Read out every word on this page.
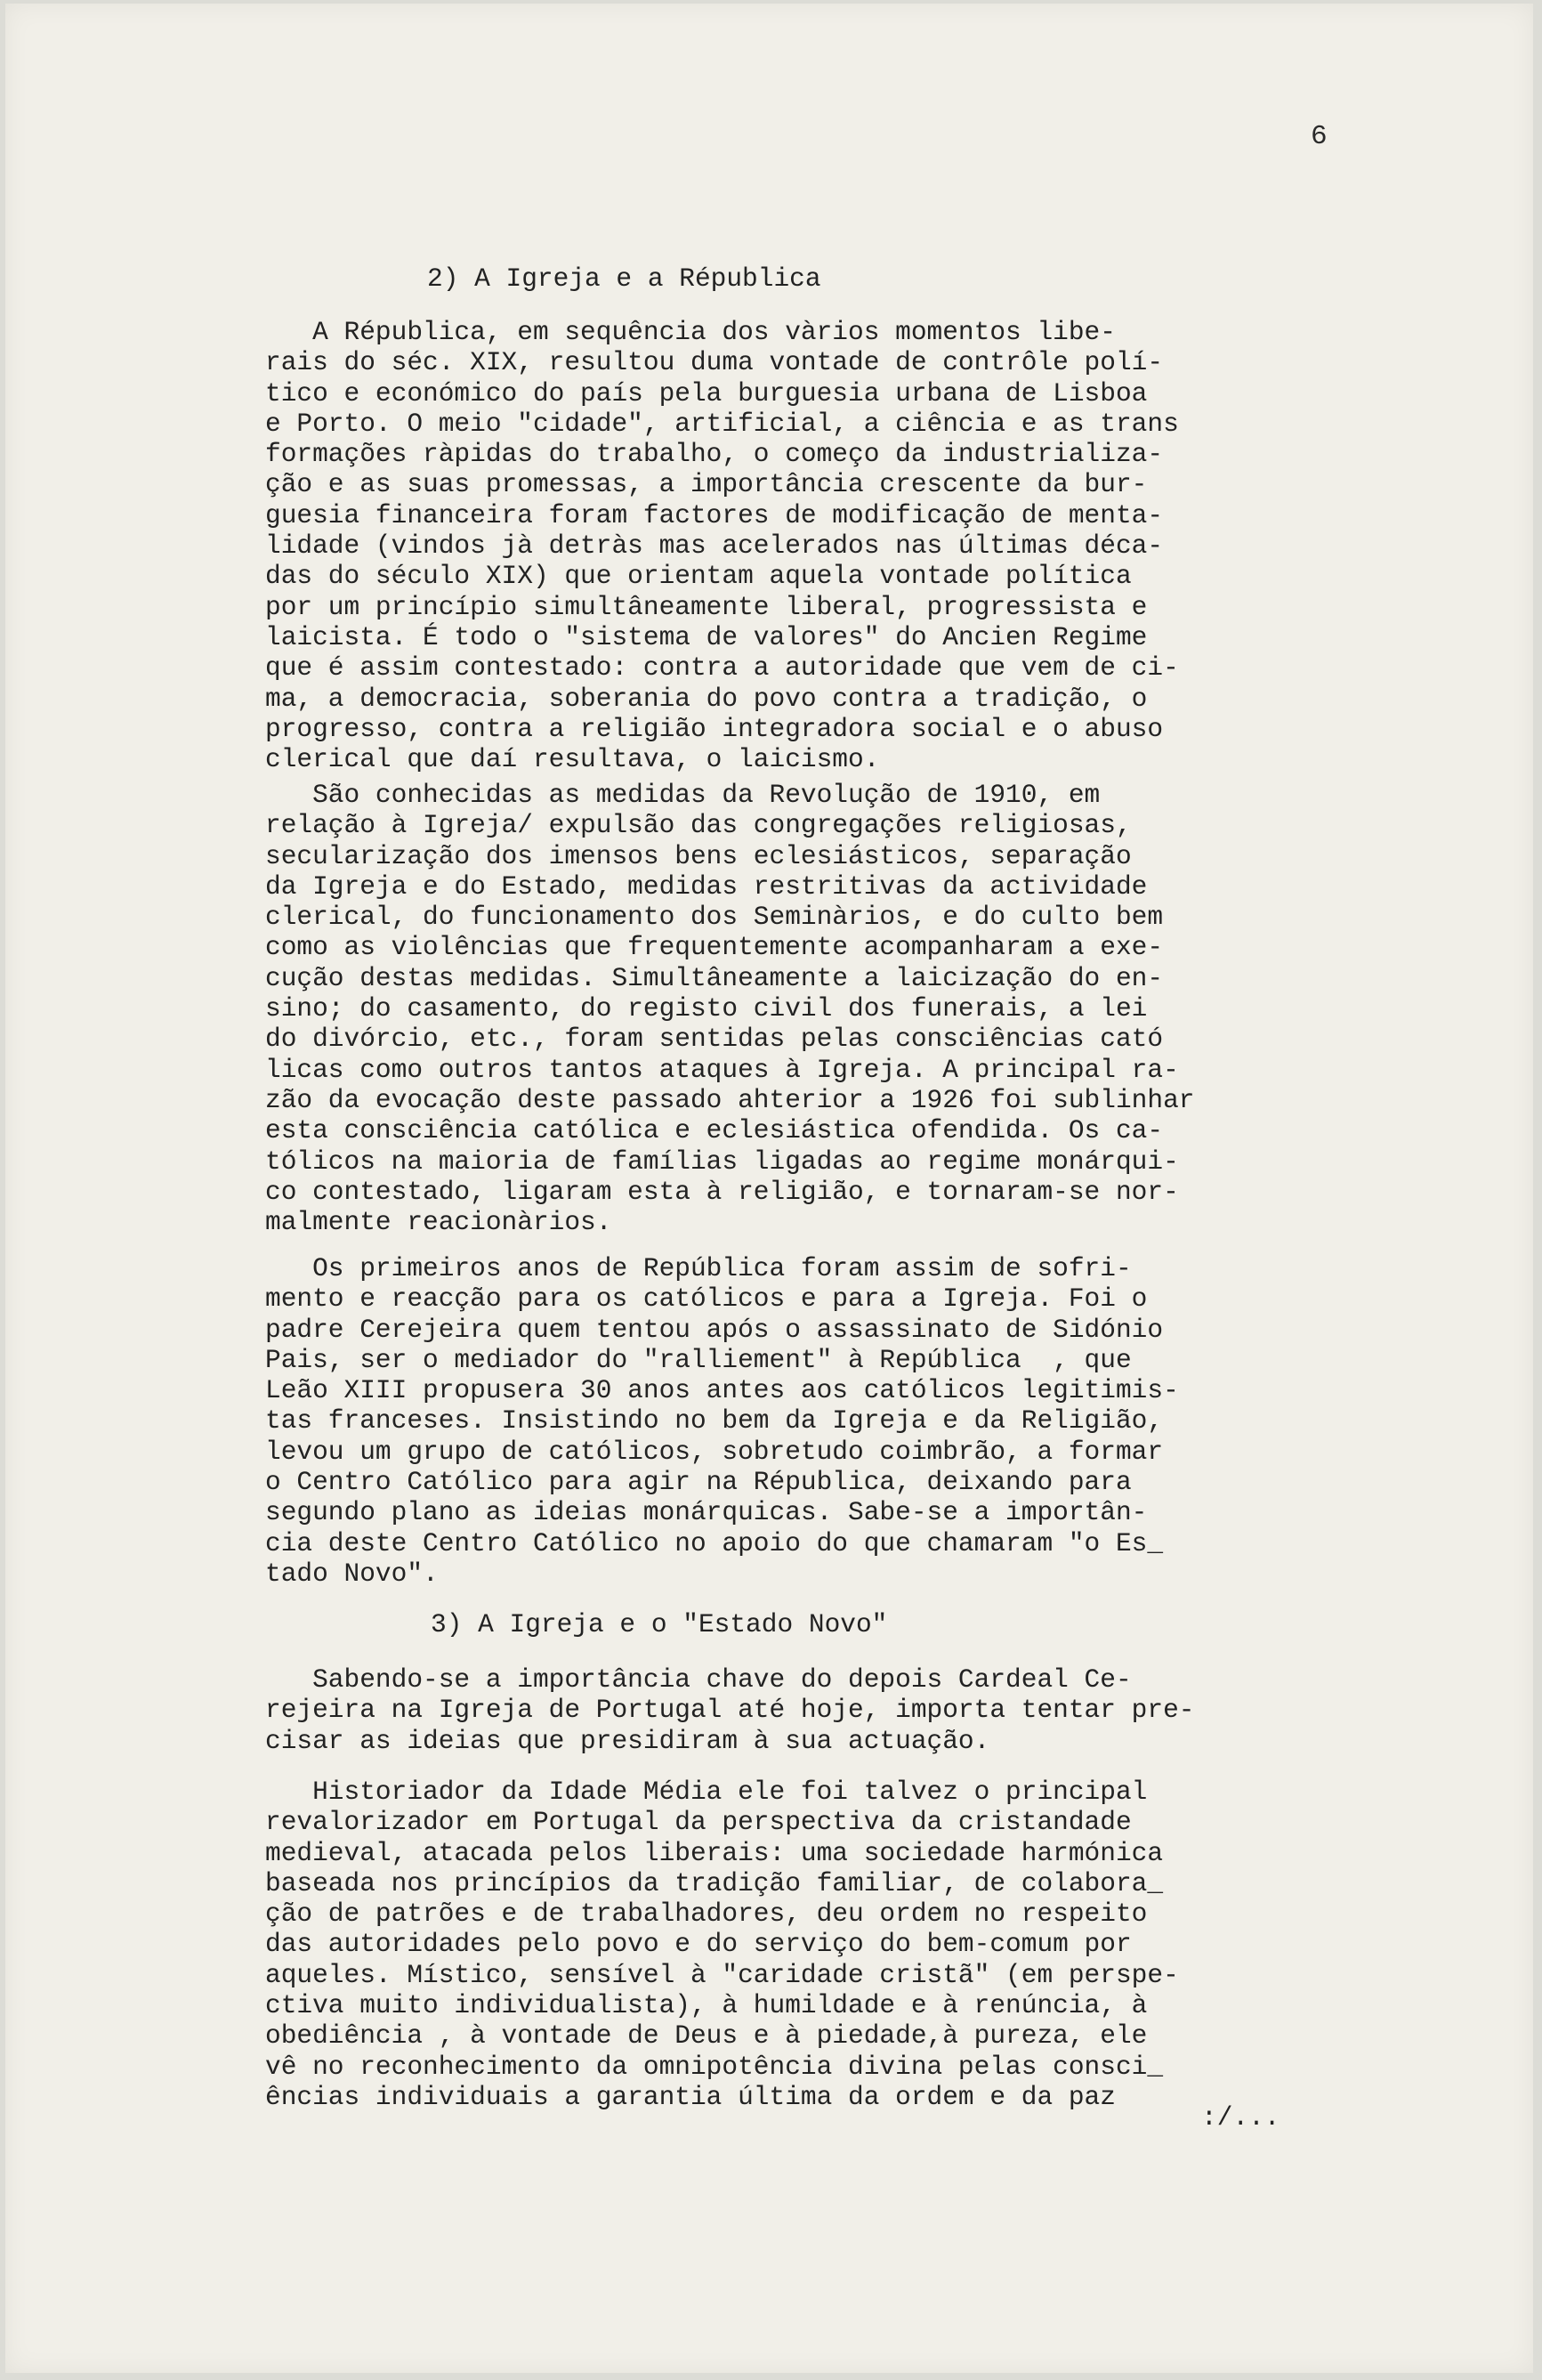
6
2) A Igreja e a Républica
A Républica, em sequência dos vàrios momentos libe-
rais do séc. XIX, resultou duma vontade de contrôle polí-
tico e económico do país pela burguesia urbana de Lisboa
e Porto. O meio "cidade", artificial, a ciência e as trans
formações ràpidas do trabalho, o começo da industrializa-
ção e as suas promessas, a importância crescente da bur-
guesia financeira foram factores de modificação de menta-
lidade (vindos jà detràs mas acelerados nas últimas déca-
das do século XIX) que orientam aquela vontade política
por um princípio simultâneamente liberal, progressista e
laicista. É todo o "sistema de valores" do Ancien Regime
que é assim contestado: contra a autoridade que vem de ci-
ma, a democracia, soberania do povo contra a tradição, o
progresso, contra a religião integradora social e o abuso
clerical que daí resultava, o laicismo.
São conhecidas as medidas da Revolução de 1910, em
relação à Igreja/ expulsão das congregações religiosas,
secularização dos imensos bens eclesiásticos, separação
da Igreja e do Estado, medidas restritivas da actividade
clerical, do funcionamento dos Seminàrios, e do culto bem
como as violências que frequentemente acompanharam a exe-
cução destas medidas. Simultâneamente a laicização do en-
sino; do casamento, do registo civil dos funerais, a lei
do divórcio, etc., foram sentidas pelas consciências cató
licas como outros tantos ataques à Igreja. A principal ra-
zão da evocação deste passado ahterior a 1926 foi sublinhar
esta consciência católica e eclesiástica ofendida. Os ca-
tólicos na maioria de famílias ligadas ao regime monárqui-
co contestado, ligaram esta à religião, e tornaram-se nor-
malmente reacionàrios.
Os primeiros anos de República foram assim de sofri-
mento e reacção para os católicos e para a Igreja. Foi o
padre Cerejeira quem tentou após o assassinato de Sidónio
Pais, ser o mediador do "ralliement" à República  , que
Leão XIII propusera 30 anos antes aos católicos legitimis-
tas franceses. Insistindo no bem da Igreja e da Religião,
levou um grupo de católicos, sobretudo coimbrão, a formar
o Centro Católico para agir na Républica, deixando para
segundo plano as ideias monárquicas. Sabe-se a importân-
cia deste Centro Católico no apoio do que chamaram "o Es_
tado Novo".
3) A Igreja e o "Estado Novo"
Sabendo-se a importância chave do depois Cardeal Ce-
rejeira na Igreja de Portugal até hoje, importa tentar pre-
cisar as ideias que presidiram à sua actuação.
Historiador da Idade Média ele foi talvez o principal
revalorizador em Portugal da perspectiva da cristandade
medieval, atacada pelos liberais: uma sociedade harmónica
baseada nos princípios da tradição familiar, de colabora_
ção de patrões e de trabalhadores, deu ordem no respeito
das autoridades pelo povo e do serviço do bem-comum por
aqueles. Místico, sensível à "caridade cristã" (em perspe-
ctiva muito individualista), à humildade e à renúncia, à
obediência , à vontade de Deus e à piedade,à pureza, ele
vê no reconhecimento da omnipotência divina pelas consci_
ências individuais a garantia última da ordem e da paz
:/...
